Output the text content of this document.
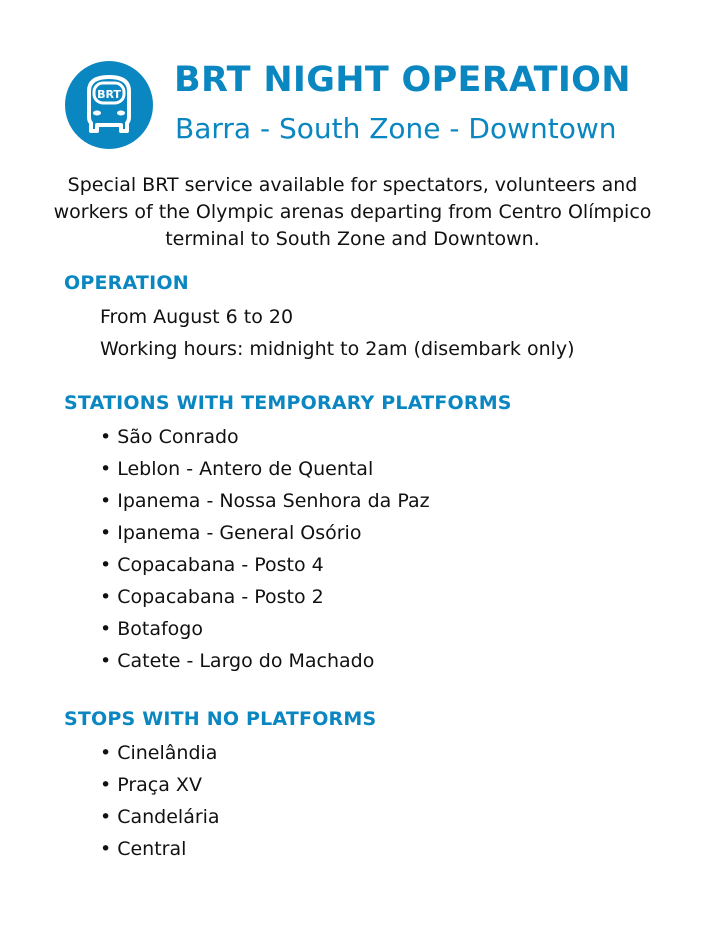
BRT BRT NIGHT OPERATION
Barra - South Zone - Downtown
Special BRT service available for spectators, volunteers and workers of the Olympic arenas departing from Centro Olímpico terminal to South Zone and Downtown.
OPERATION
From August 6 to 20
Working hours: midnight to 2am (disembark only)
STATIONS WITH TEMPORARY PLATFORMS
• São Conrado
• Leblon - Antero de Quental
• Ipanema - Nossa Senhora da Paz
• Ipanema - General Osório
• Copacabana - Posto 4
• Copacabana - Posto 2
• Botafogo
• Catete - Largo do Machado
STOPS WITH NO PLATFORMS
• Cinelândia
• Praça XV
• Candelária
• Central
